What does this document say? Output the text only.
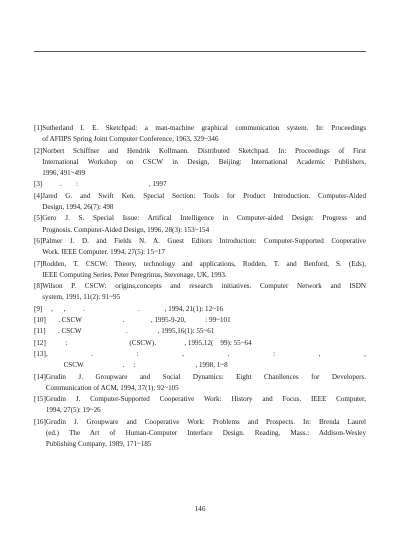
[1] Sutherland I. E. Sketchpad: a man-machine graphical communication system. In: Proceedings
of AFIIPS Spring Joint Computer Conference, 1963, 329~346
[2] Norbert Schiffner and Hendrik Kollmann. Distributed Sketchpad. In: Proceedings of First
International Workshop on CSCW in Design, Beijing: International Academic Publishers,
1996, 491~499
[3] .        :                                        , 1997
[4] Jared G. and Swift Ken. Special Section: Tools for Product Introduction. Computer-Aided
Design, 1994, 26(7): 498
[5] Gero J. S. Special Issue: Artifical Intelligence in Computer-aided Design: Progress and
Prognosis. Computer-Aided Design, 1996, 28(3): 153~154
[6] Palmer J. D. and Fields N. A. Guest Editors Introduction: Computer-Supported Cooperative
Work. IEEE Computer. 1994, 27(5): 15~17
[7] Rodden, T. CSCW: Theory, technology and applications, Rodden, T. and Benford, S. (Eds),
IEEE Computing Series, Peter Peregrinus, Stevenage, UK, 1993.
[8] Wilson P. CSCW: origins,concepts and research initiatives. Computer Network and ISDN
system, 1991, 11(2): 91~95
[9] ,      ,          .                              .              , 1994, 21(1): 12~16
[10] . CSCW                       .               , 1995-9-20,           : 99~101
[11] . CSCW                         .                 , 1995,16(1): 55~61
[12] :                                   (CSCW).                , 1995,12(    99): 55~64
[13] , . : , . : , ,
CSCW                      .     :                                  , 1998, 1~8
[14] Grudin J. Groupware and Social Dynamics: Eight Chanllences for Developers.
Communication of ACM, 1994, 37(1): 92~105
[15] Grudin J. Computer-Supported Cooperative Work: History and Focus. IEEE Computer,
1994, 27(5): 19~26
[16] Grudin J. Groupware and Cooperative Work: Problems and Prospects. In: Brenda Laurel
(ed.) The Art of Human-Computer Interface Design. Reading, Mass.: Addison-Wesley
Publishing Company, 1989, 171~185
146
